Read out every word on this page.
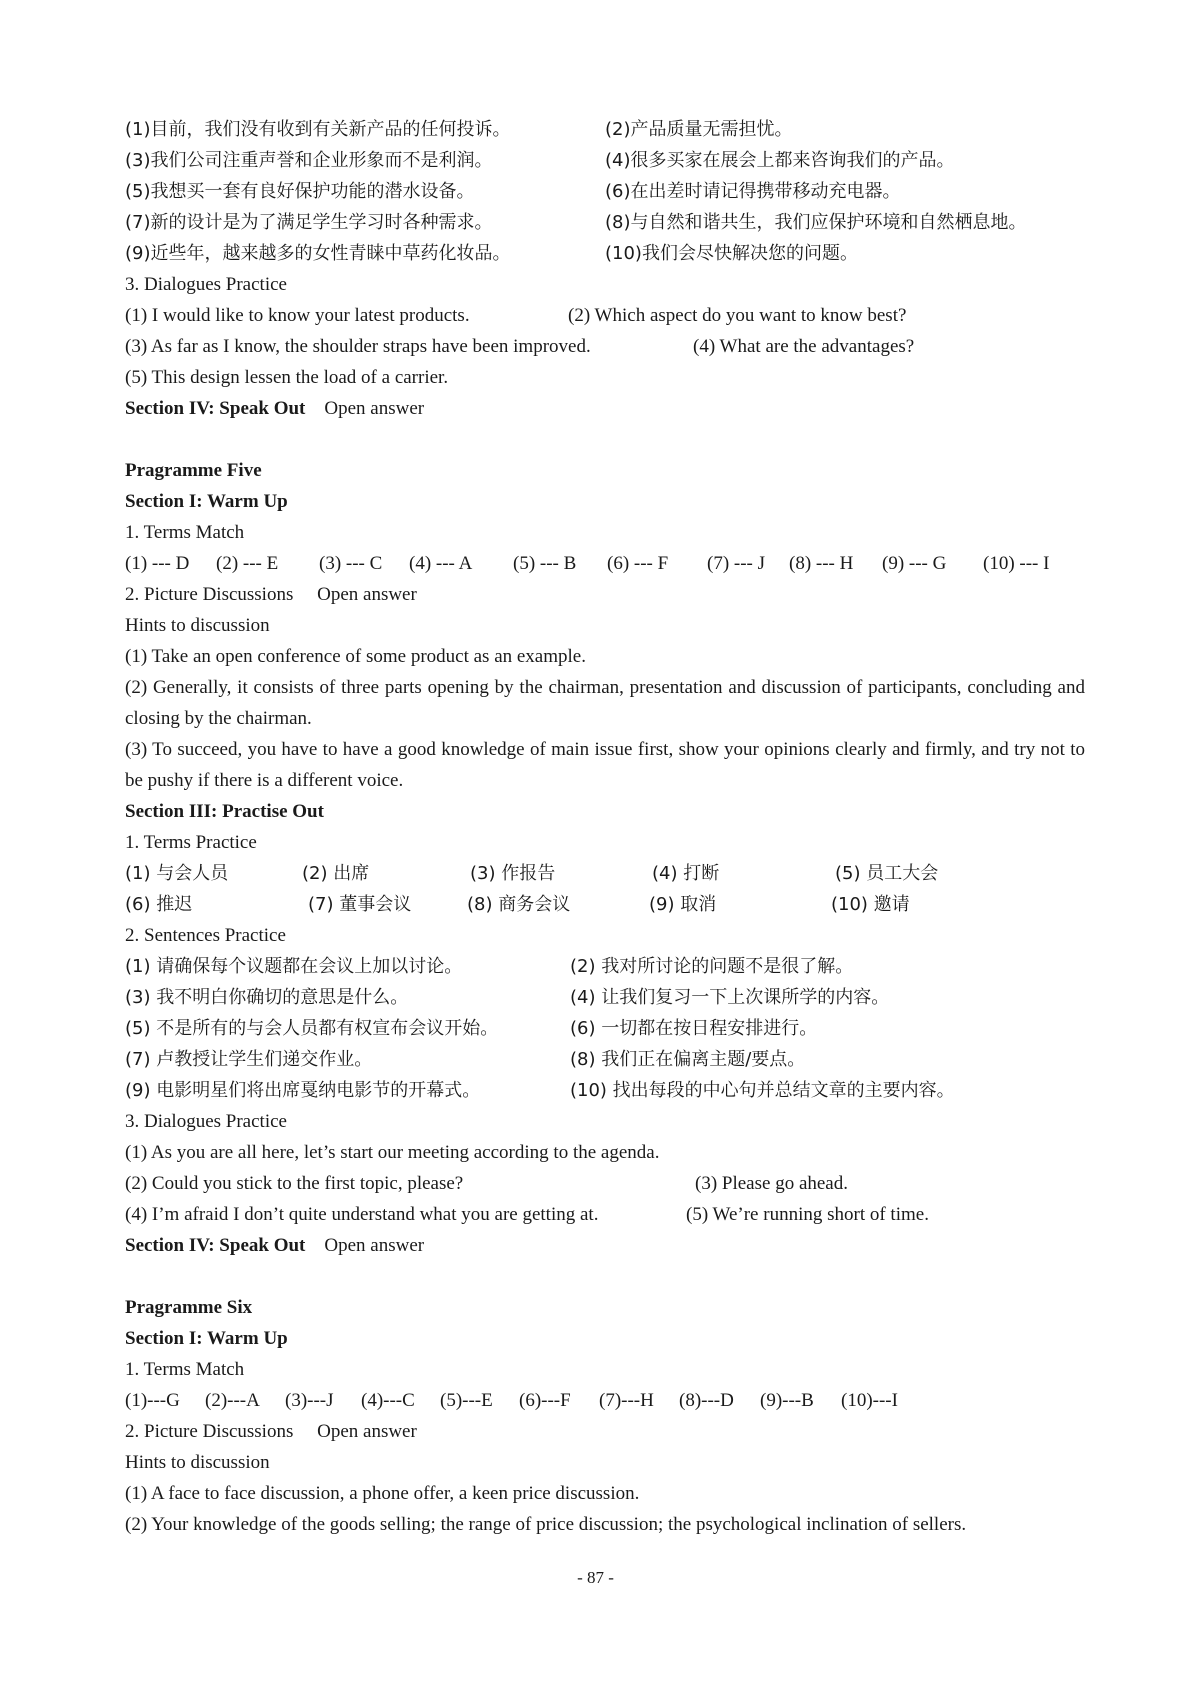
(1)目前，我们没有收到有关新产品的任何投诉。	(2)产品质量无需担忧。
(3)我们公司注重声誉和企业形象而不是利润。	(4)很多买家在展会上都来咨询我们的产品。
(5)我想买一套有良好保护功能的潜水设备。	(6)在出差时请记得携带移动充电器。
(7)新的设计是为了满足学生学习时各种需求。	(8)与自然和谐共生，我们应保护环境和自然栖息地。
(9)近些年，越来越多的女性青睐中草药化妆品。	(10)我们会尽快解决您的问题。
3. Dialogues Practice
(1) I would like to know your latest products.	(2) Which aspect do you want to know best?
(3) As far as I know, the shoulder straps have been improved.	(4) What are the advantages?
(5) This design lessen the load of a carrier.
Section IV: Speak Out Open answer
Pragramme Five
Section I: Warm Up
1. Terms Match
(1) --- D (2) --- E (3) --- C (4) --- A (5) --- B (6) --- F (7) --- J (8) --- H (9) --- G (10) --- I
2. Picture Discussions Open answer
Hints to discussion
(1) Take an open conference of some product as an example.
(2) Generally, it consists of three parts opening by the chairman, presentation and discussion of participants, concluding and closing by the chairman.
(3) To succeed, you have to have a good knowledge of main issue first, show your opinions clearly and firmly, and try not to be pushy if there is a different voice.
Section III: Practise Out
1. Terms Practice
(1) 与会人员	(2) 出席	(3) 作报告	(4) 打断	(5) 员工大会
(6) 推迟	(7) 董事会议	(8) 商务会议	(9) 取消	(10) 邀请
2. Sentences Practice
(1) 请确保每个议题都在会议上加以讨论。	(2) 我对所讨论的问题不是很了解。
(3) 我不明白你确切的意思是什么。	(4) 让我们复习一下上次课所学的内容。
(5) 不是所有的与会人员都有权宣布会议开始。	(6) 一切都在按日程安排进行。
(7) 卢教授让学生们递交作业。	(8) 我们正在偏离主题/要点。
(9) 电影明星们将出席戛纳电影节的开幕式。	(10) 找出每段的中心句并总结文章的主要内容。
3. Dialogues Practice
(1) As you are all here, let’s start our meeting according to the agenda.
(2) Could you stick to the first topic, please?	(3) Please go ahead.
(4) I’m afraid I don’t quite understand what you are getting at.	(5) We’re running short of time.
Section IV: Speak Out Open answer
Pragramme Six
Section I: Warm Up
1. Terms Match
(1)---G (2)---A (3)---J (4)---C (5)---E (6)---F (7)---H (8)---D (9)---B (10)---I
2. Picture Discussions Open answer
Hints to discussion
(1) A face to face discussion, a phone offer, a keen price discussion.
(2) Your knowledge of the goods selling; the range of price discussion; the psychological inclination of sellers.
- 87 -
